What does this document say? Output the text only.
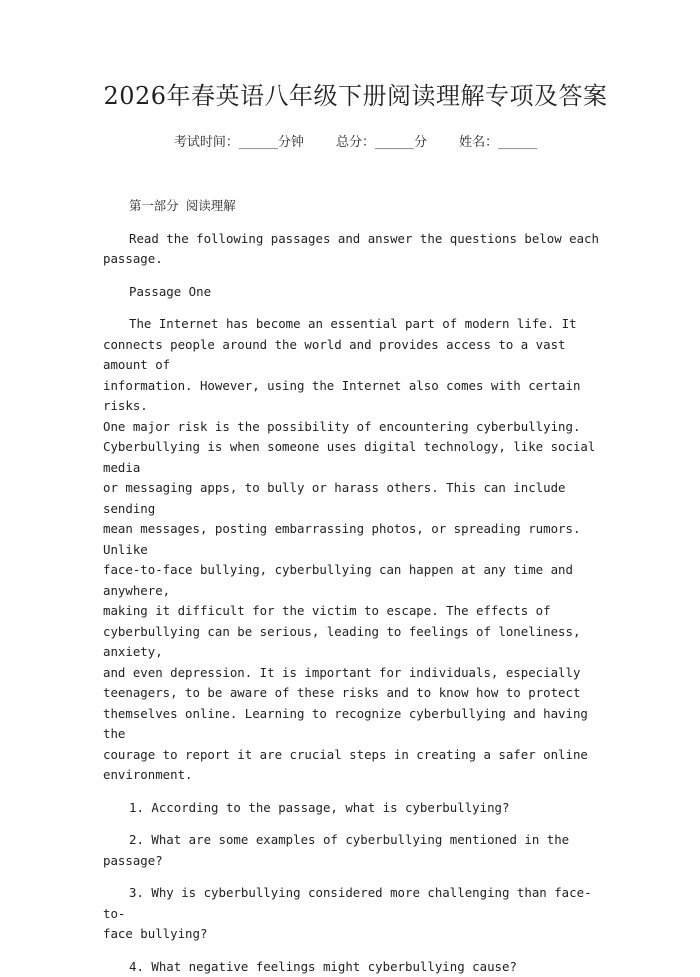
2026年春英语八年级下册阅读理解专项及答案
考试时间：______分钟 总分：______分 姓名：______

第一部分 阅读理解

Read the following passages and answer the questions below each
passage.

Passage One

The Internet has become an essential part of modern life. It
connects people around the world and provides access to a vast amount of
information. However, using the Internet also comes with certain risks.
One major risk is the possibility of encountering cyberbullying.
Cyberbullying is when someone uses digital technology, like social media
or messaging apps, to bully or harass others. This can include sending
mean messages, posting embarrassing photos, or spreading rumors. Unlike
face-to-face bullying, cyberbullying can happen at any time and anywhere,
making it difficult for the victim to escape. The effects of
cyberbullying can be serious, leading to feelings of loneliness, anxiety,
and even depression. It is important for individuals, especially
teenagers, to be aware of these risks and to know how to protect
themselves online. Learning to recognize cyberbullying and having the
courage to report it are crucial steps in creating a safer online
environment.

1. According to the passage, what is cyberbullying?

2. What are some examples of cyberbullying mentioned in the passage?

3. Why is cyberbullying considered more challenging than face-to-
face bullying?

4. What negative feelings might cyberbullying cause?
